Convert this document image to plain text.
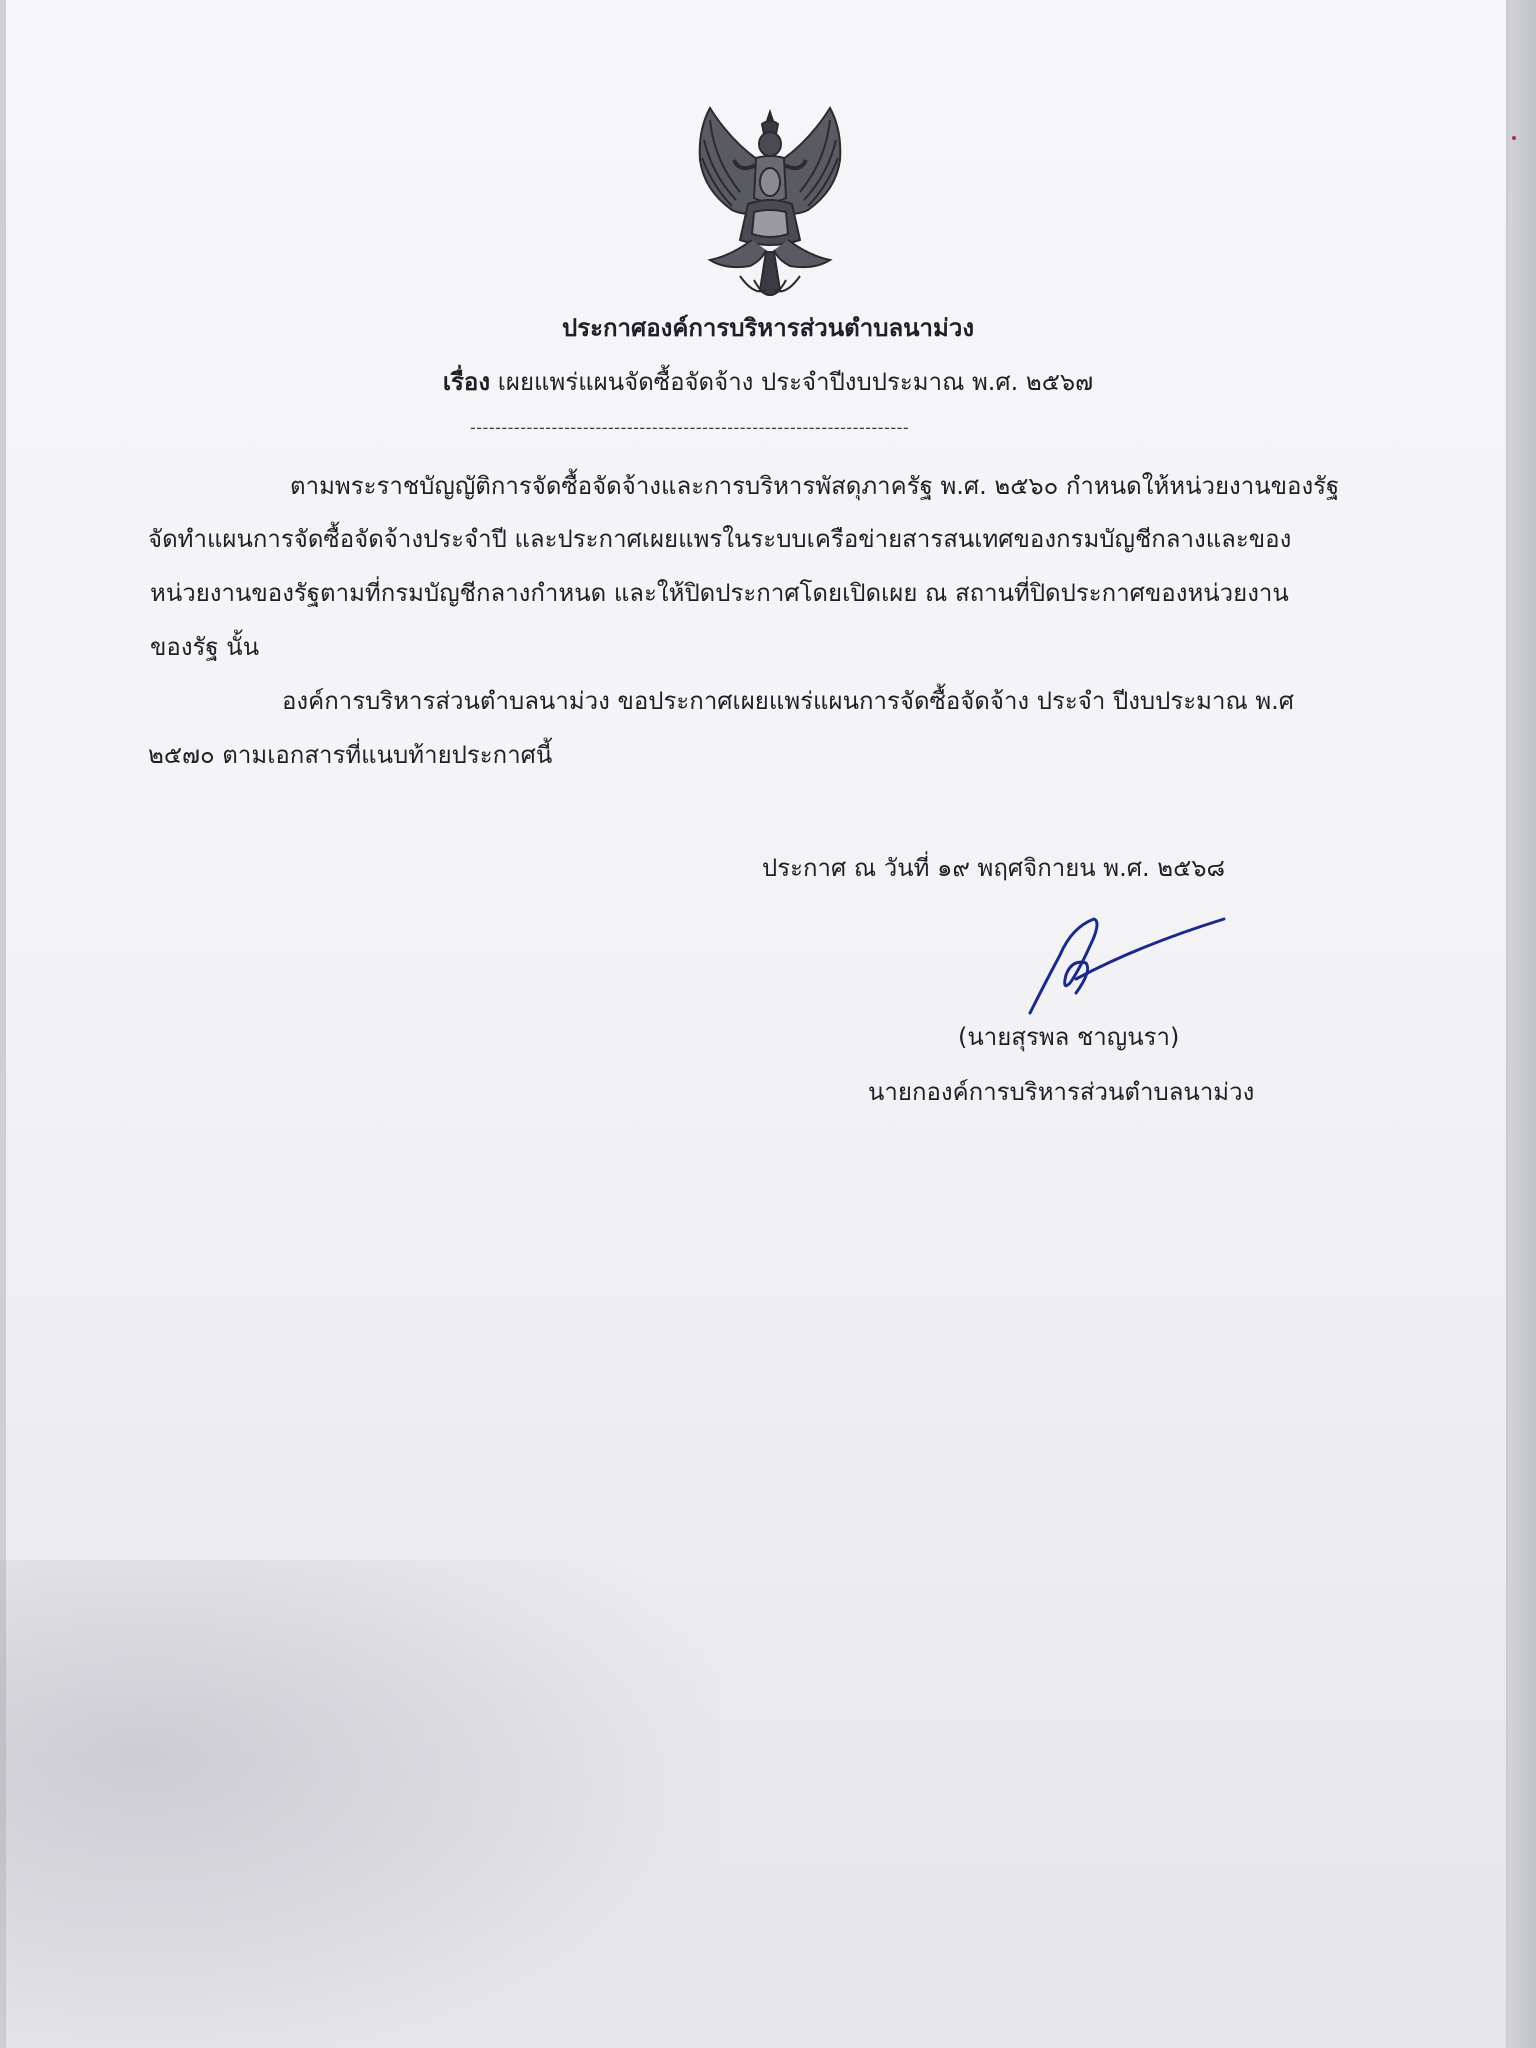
ประกาศองค์การบริหารส่วนตำบลนาม่วง
เรื่อง เผยแพร่แผนจัดซื้อจัดจ้าง ประจำปีงบประมาณ พ.ศ. ๒๕๖๗
----------------------------------------------------------------------
ตามพระราชบัญญัติการจัดซื้อจัดจ้างและการบริหารพัสดุภาครัฐ พ.ศ. ๒๕๖๐ กำหนดให้หน่วยงานของรัฐ
จัดทำแผนการจัดซื้อจัดจ้างประจำปี และประกาศเผยแพรในระบบเครือข่ายสารสนเทศของกรมบัญชีกลางและของ
หน่วยงานของรัฐตามที่กรมบัญชีกลางกำหนด และให้ปิดประกาศโดยเปิดเผย ณ สถานที่ปิดประกาศของหน่วยงาน
ของรัฐ นั้น
องค์การบริหารส่วนตำบลนาม่วง ขอประกาศเผยแพร่แผนการจัดซื้อจัดจ้าง ประจำ ปีงบประมาณ พ.ศ
๒๕๗๐ ตามเอกสารที่แนบท้ายประกาศนี้
ประกาศ ณ วันที่ ๑๙ พฤศจิกายน พ.ศ. ๒๕๖๘
(นายสุรพล ชาญนรา)
นายกองค์การบริหารส่วนตำบลนาม่วง
